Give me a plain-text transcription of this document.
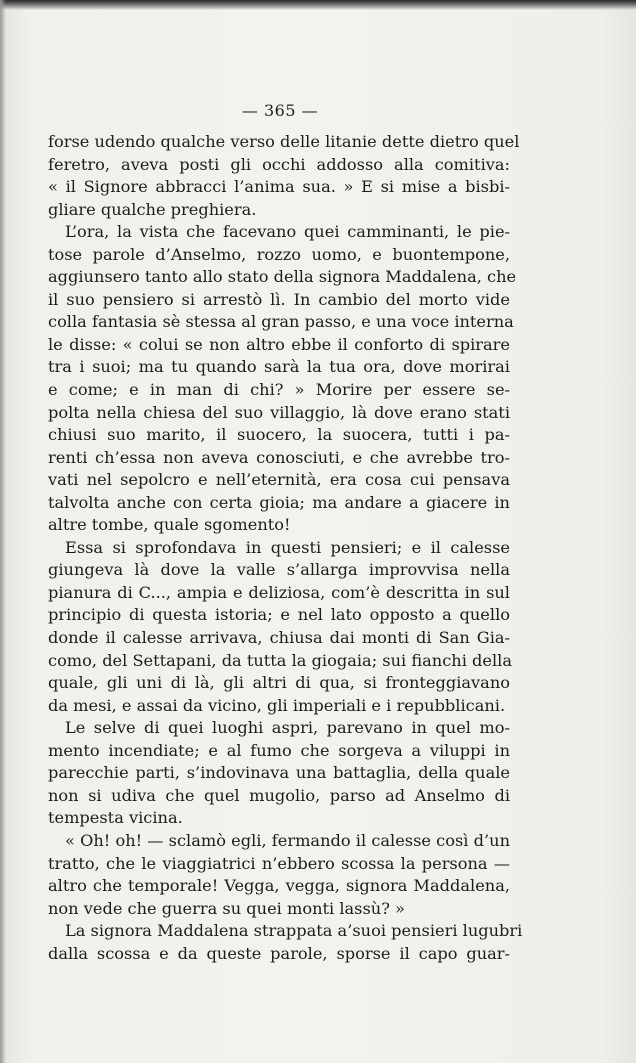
— 365 —
forse udendo qualche verso delle litanie dette dietro quel
feretro, aveva posti gli occhi addosso alla comitiva:
« il Signore abbracci l’anima sua. » E si mise a bisbi-
gliare qualche preghiera.
L’ora, la vista che facevano quei camminanti, le pie-
tose parole d’Anselmo, rozzo uomo, e buontempone,
aggiunsero tanto allo stato della signora Maddalena, che
il suo pensiero si arrestò lì. In cambio del morto vide
colla fantasia sè stessa al gran passo, e una voce interna
le disse: « colui se non altro ebbe il conforto di spirare
tra i suoi; ma tu quando sarà la tua ora, dove morirai
e come; e in man di chi? » Morire per essere se-
polta nella chiesa del suo villaggio, là dove erano stati
chiusi suo marito, il suocero, la suocera, tutti i pa-
renti ch’essa non aveva conosciuti, e che avrebbe tro-
vati nel sepolcro e nell’eternità, era cosa cui pensava
talvolta anche con certa gioia; ma andare a giacere in
altre tombe, quale sgomento!
Essa si sprofondava in questi pensieri; e il calesse
giungeva là dove la valle s’allarga improvvisa nella
pianura di C..., ampia e deliziosa, com’è descritta in sul
principio di questa istoria; e nel lato opposto a quello
donde il calesse arrivava, chiusa dai monti di San Gia-
como, del Settapani, da tutta la giogaia; sui fianchi della
quale, gli uni di là, gli altri di qua, si fronteggiavano
da mesi, e assai da vicino, gli imperiali e i repubblicani.
Le selve di quei luoghi aspri, parevano in quel mo-
mento incendiate; e al fumo che sorgeva a viluppi in
parecchie parti, s’indovinava una battaglia, della quale
non si udiva che quel mugolio, parso ad Anselmo di
tempesta vicina.
« Oh! oh! — sclamò egli, fermando il calesse così d’un
tratto, che le viaggiatrici n’ebbero scossa la persona —
altro che temporale! Vegga, vegga, signora Maddalena,
non vede che guerra su quei monti lassù? »
La signora Maddalena strappata a’suoi pensieri lugubri
dalla scossa e da queste parole, sporse il capo guar-
